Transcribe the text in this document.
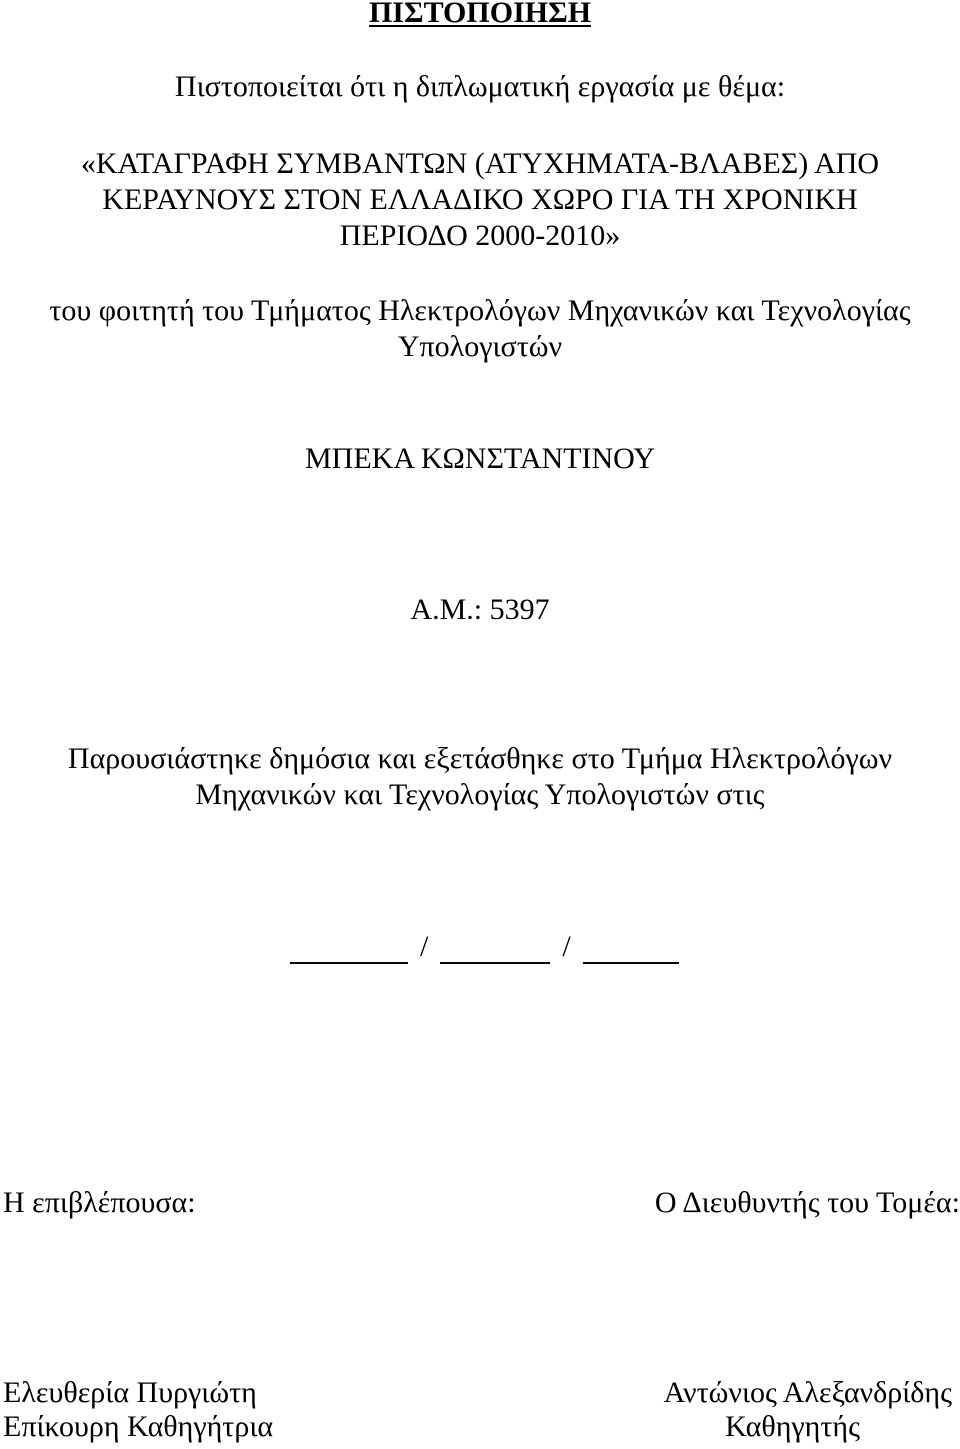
ΠΙΣΤΟΠΟΙΗΣΗ
Πιστοποιείται ότι η διπλωματική εργασία με θέμα:
«ΚΑΤΑΓΡΑΦΗ ΣΥΜΒΑΝΤΩΝ (ΑΤΥΧΗΜΑΤΑ-ΒΛΑΒΕΣ) ΑΠΟ
ΚΕΡΑΥΝΟΥΣ ΣΤΟΝ ΕΛΛΑΔΙΚΟ ΧΩΡΟ ΓΙΑ ΤΗ ΧΡΟΝΙΚΗ
ΠΕΡΙΟΔΟ 2000-2010»
του φοιτητή του Τμήματος Ηλεκτρολόγων Μηχανικών και Τεχνολογίας
Υπολογιστών
ΜΠΕΚΑ ΚΩΝΣΤΑΝΤΙΝΟΥ
Α.Μ.: 5397
Παρουσιάστηκε δημόσια και εξετάσθηκε στο Τμήμα Ηλεκτρολόγων
Μηχανικών και Τεχνολογίας Υπολογιστών στις
/	/
Η επιβλέπουσα:	Ο Διευθυντής του Τομέα:
Ελευθερία Πυργιώτη
Επίκουρη Καθηγήτρια
Αντώνιος Αλεξανδρίδης
Καθηγητής
